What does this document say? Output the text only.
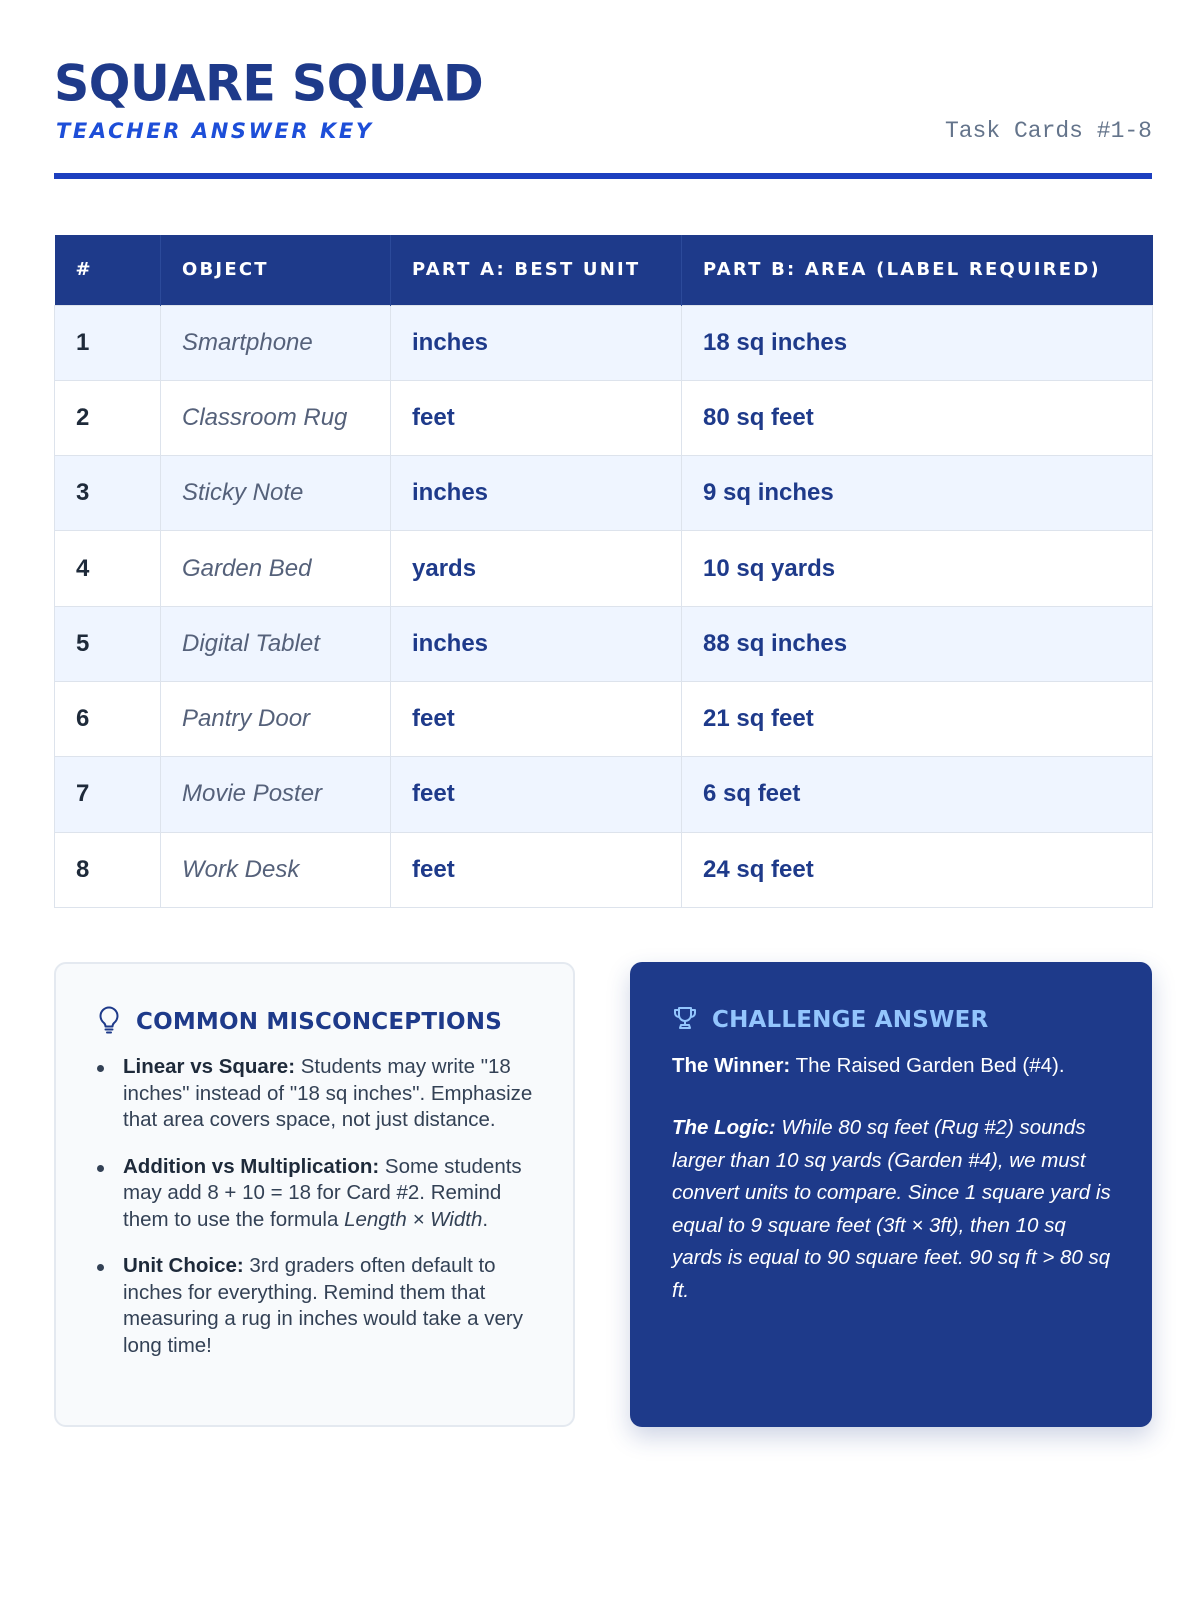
SQUARE SQUAD
TEACHER ANSWER KEY	Task Cards #1-8
#	OBJECT	PART A: BEST UNIT	PART B: AREA (LABEL REQUIRED)
1	Smartphone	inches	18 sq inches
2	Classroom Rug	feet	80 sq feet
3	Sticky Note	inches	9 sq inches
4	Garden Bed	yards	10 sq yards
5	Digital Tablet	inches	88 sq inches
6	Pantry Door	feet	21 sq feet
7	Movie Poster	feet	6 sq feet
8	Work Desk	feet	24 sq feet
COMMON MISCONCEPTIONS
Linear vs Square: Students may write "18 inches" instead of "18 sq inches". Emphasize that area covers space, not just distance.
Addition vs Multiplication: Some students may add 8 + 10 = 18 for Card #2. Remind them to use the formula Length × Width.
Unit Choice: 3rd graders often default to inches for everything. Remind them that measuring a rug in inches would take a very long time!
CHALLENGE ANSWER

The Winner: The Raised Garden Bed (#4).

The Logic: While 80 sq feet (Rug #2) sounds larger than 10 sq yards (Garden #4), we must convert units to compare. Since 1 square yard is equal to 9 square feet (3ft × 3ft), then 10 sq yards is equal to 90 square feet. 90 sq ft > 80 sq ft.
